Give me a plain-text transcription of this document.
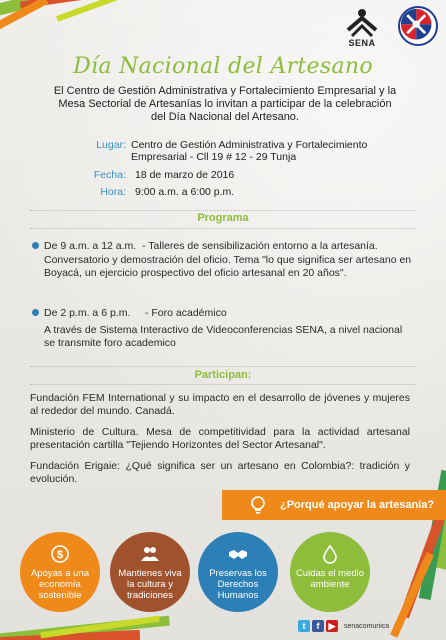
SENA
Día Nacional del Artesano
El Centro de Gestión Administrativa y Fortalecimiento Empresarial y la Mesa Sectorial de Artesanías lo invitan a participar de la celebración del Día Nacional del Artesano.
Lugar: Centro de Gestión Administrativa y Fortalecimiento Empresarial - Cll 19 # 12 - 29 Tunja
Fecha: 18 de marzo de 2016
Hora: 9:00 a.m. a 6:00 p.m.
Programa
De 9 a.m. a 12 a.m. - Talleres de sensibilización entorno a la artesanía.
Conversatorio y demostración del oficio. Tema "lo que significa ser artesano en Boyacá, un ejercicio prospectivo del oficio artesanal en 20 años".
De 2 p.m. a 6 p.m. - Foro académico
A través de Sistema Interactivo de Videoconferencias SENA, a nivel nacional se transmite foro academico
Participan:
Fundación FEM International y su impacto en el desarrollo de jóvenes y mujeres al rededor del mundo. Canadá.
Ministerio de Cultura. Mesa de competitividad para la actividad artesanal presentación cartilla "Tejiendo Horizontes del Sector Artesanal".
Fundación Erigaie: ¿Qué significa ser un artesano en Colombia?: tradición y evolución.
¿Porqué apoyar la artesanía?
$
Apoyas a una economía sostenible
Mantienes viva la cultura y tradiciones
Preservas los Derechos Humanos
Cuidas el medio ambiente
t	f	▶	senacomunica
